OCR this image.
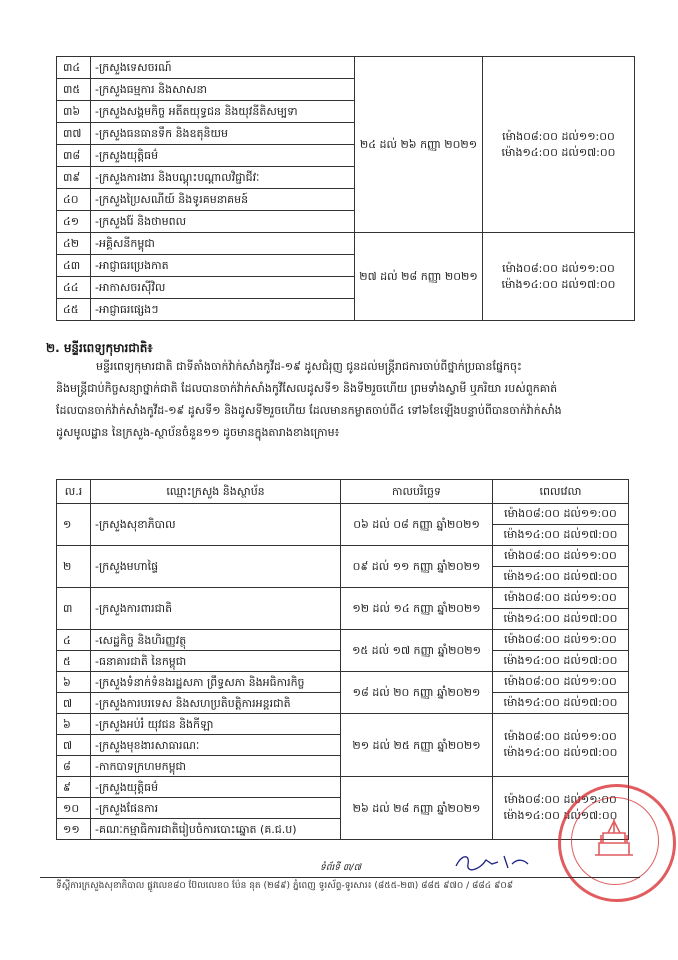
៣៤	-ក្រសួងទេសចរណ៍	២៤ ដល់ ២៦ កញ្ញា ២០២១	ម៉ោង០៨:០០ ដល់១១:០០
ម៉ោង១៤:០០ ដល់១៧:០០

៣៥	-ក្រសួងធម្មការ និងសាសនា		
៣៦	-ក្រសួងសង្គមកិច្ច អតីតយុទ្ធជន និងយុវនីតិសម្បទា		
៣៧	-ក្រសួងធនធានទឹក និងឧតុនិយម		
៣៨	-ក្រសួងយុត្តិធម៌		
៣៩	-ក្រសួងការងារ និងបណ្តុះបណ្តាលវិជ្ជាជីវៈ		
៤០	-ក្រសួងប្រៃសណីយ៍ និងទូរគមនាគមន៍		
៤១	-ក្រសួងរ៉ែ និងថាមពល		
៤២	-អគ្គិសនីកម្ពុជា	២៧ ដល់ ២៨ កញ្ញា ២០២១	ម៉ោង០៨:០០ ដល់១១:០០
ម៉ោង១៤:០០ ដល់១៧:០០

៤៣	-អាជ្ញាធរប្រេងកាត		
៤៤	-អាកាសចរស៊ីវិល		
៤៥	-អាជ្ញាធរផ្សេងៗ		
២. មន្ទីរពេទ្យកុមារជាតិ៖

មន្ទីរពេទ្យកុមារជាតិ ជាទីតាំងចាក់វ៉ាក់សាំងកូវីដ-១៩ ដូសជំរុញ ជូនដល់មន្ត្រីរាជការចាប់ពីថ្នាក់ប្រធានផ្នែកចុះ

និងមន្ត្រីជាប់កិច្ចសន្យាថ្នាក់ជាតិ ដែលបានចាក់វ៉ាក់សាំងកូវីសែលដូសទី១ និងទី២រួចហើយ ព្រមទាំងស្វាមី ឬភរិយា របស់ពួកគាត់

ដែលបានចាក់វ៉ាក់សាំងកូវីដ-១៩ ដូសទី១ និងដូសទី២រួចហើយ ដែលមានកម្លាតចាប់ពី៤ ទៅ៦ខែឡើងបន្ទាប់ពីបានចាក់វ៉ាក់សាំង

ដូសមូលដ្ឋាន នៃក្រសួង-ស្ថាប័នចំនួន១១ ដូចមានក្នុងតារាងខាងក្រោម៖

ល.រ	ឈ្មោះក្រសួង និងស្ថាប័ន	កាលបរិច្ឆេទ	ពេលវេលា
១	-ក្រសួងសុខាភិបាល	០៦ ដល់ ០៨ កញ្ញា ឆ្នាំ២០២១	ម៉ោង០៨:០០ ដល់១១:០០
			ម៉ោង១៤:០០ ដល់១៧:០០
២	-ក្រសួងមហាផ្ទៃ	០៩ ដល់ ១១ កញ្ញា ឆ្នាំ២០២១	ម៉ោង០៨:០០ ដល់១១:០០
			ម៉ោង១៤:០០ ដល់១៧:០០
៣	-ក្រសួងការពារជាតិ	១២ ដល់ ១៤ កញ្ញា ឆ្នាំ២០២១	ម៉ោង០៨:០០ ដល់១១:០០
			ម៉ោង១៤:០០ ដល់១៧:០០
៤	-សេដ្ឋកិច្ច និងហិរញ្ញវត្ថុ	១៥ ដល់ ១៧ កញ្ញា ឆ្នាំ២០២១	ម៉ោង០៨:០០ ដល់១១:០០
៥	-ធនាគារជាតិ នៃកម្ពុជា		ម៉ោង១៤:០០ ដល់១៧:០០
៦	-ក្រសួងទំនាក់ទំនងរដ្ឋសភា ព្រឹទ្ធសភា និងអធិការកិច្ច	១៨ ដល់ ២០ កញ្ញា ឆ្នាំ២០២១	ម៉ោង០៨:០០ ដល់១១:០០
៧	-ក្រសួងការបរទេស និងសហប្រតិបត្តិការអន្តរជាតិ		ម៉ោង១៤:០០ ដល់១៧:០០
៦	-ក្រសួងអប់រំ យុវជន និងកីឡា	២១ ដល់ ២៥ កញ្ញា ឆ្នាំ២០២១	ម៉ោង០៨:០០ ដល់១១:០០
ម៉ោង១៤:០០ ដល់១៧:០០

៧	-ក្រសួងមុខងារសាធារណៈ		
៨	-កាកបាទក្រហមកម្ពុជា		
៩	-ក្រសួងយុត្តិធម៌	២៦ ដល់ ២៨ កញ្ញា ឆ្នាំ២០២១	ម៉ោង០៨:០០ ដល់១១:០០
ម៉ោង១៤:០០ ដល់១៧:០០

១០	-ក្រសួងផែនការ		
១១	-គណៈកម្មាធិការជាតិរៀបចំការបោះឆ្នោត (គ.ជ.ប)		
ទំព័រទី ៣/៧
ទីស្តីការក្រសួងសុខាភិបាល ផ្លូវលេខ៨០ ប៊ែលលេខ០ ប៉ែន នុត (២៨៩) ភ្នំពេញ ទូរស័ព្ទ-ទូរសារ៖ (៨៥៥-២៣) ៨៨៥ ៩៧០ / ៨៨៤ ៩០៩
